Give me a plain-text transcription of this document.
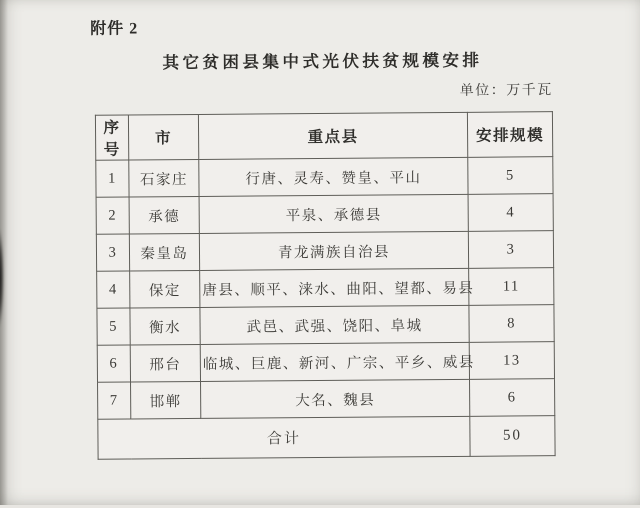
附件 2
其它贫困县集中式光伏扶贫规模安排
单位：万千瓦
序号	市	重点县	安排规模
1	石家庄	行唐、灵寿、赞皇、平山	5
2	承德	平泉、承德县	4
3	秦皇岛	青龙满族自治县	3
4	保定	唐县、顺平、涞水、曲阳、望都、易县	11
5	衡水	武邑、武强、饶阳、阜城	8
6	邢台	临城、巨鹿、新河、广宗、平乡、威县	13
7	邯郸	大名、魏县	6
合计			50
